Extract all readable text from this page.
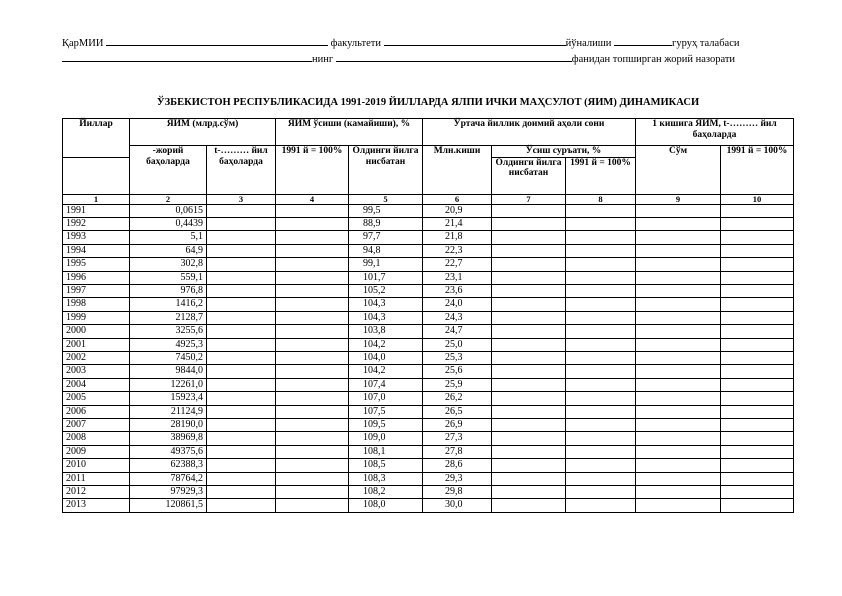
ҚарМИИ	факультети	йўналиши	гуруҳ талабаси
нинг	фанидан топширган жорий назорати
ЎЗБЕКИСТОН РЕСПУБЛИКАСИДА 1991-2019 ЙИЛЛАРДА ЯЛПИ ИЧКИ МАҲСУЛОТ (ЯИМ) ДИНАМИКАСИ
Йиллар	ЯИМ (млрд.сўм)		ЯИМ ўсиши (камайиши), %		Ўртача йиллик доимий аҳоли сони			1 кишига ЯИМ, t-……… йил баҳоларда	
	-жорий баҳоларда	t-……… йил баҳоларда	1991 й = 100%	Олдинги йилга нисбатан	Млн.киши	Ўсиш суръати, %		Сўм	1991 й = 100%
						Олдинги йилга нисбатан	1991 й = 100%		
1	2	3	4	5	6	7	8	9	10
1991	0,0615			99,5	20,9				
1992	0,4439			88,9	21,4				
1993	5,1			97,7	21,8				
1994	64,9			94,8	22,3				
1995	302,8			99,1	22,7				
1996	559,1			101,7	23,1				
1997	976,8			105,2	23,6				
1998	1416,2			104,3	24,0				
1999	2128,7			104,3	24,3				
2000	3255,6			103,8	24,7				
2001	4925,3			104,2	25,0				
2002	7450,2			104,0	25,3				
2003	9844,0			104,2	25,6				
2004	12261,0			107,4	25,9				
2005	15923,4			107,0	26,2				
2006	21124,9			107,5	26,5				
2007	28190,0			109,5	26,9				
2008	38969,8			109,0	27,3				
2009	49375,6			108,1	27,8				
2010	62388,3			108,5	28,6				
2011	78764,2			108,3	29,3				
2012	97929,3			108,2	29,8				
2013	120861,5			108,0	30,0				
